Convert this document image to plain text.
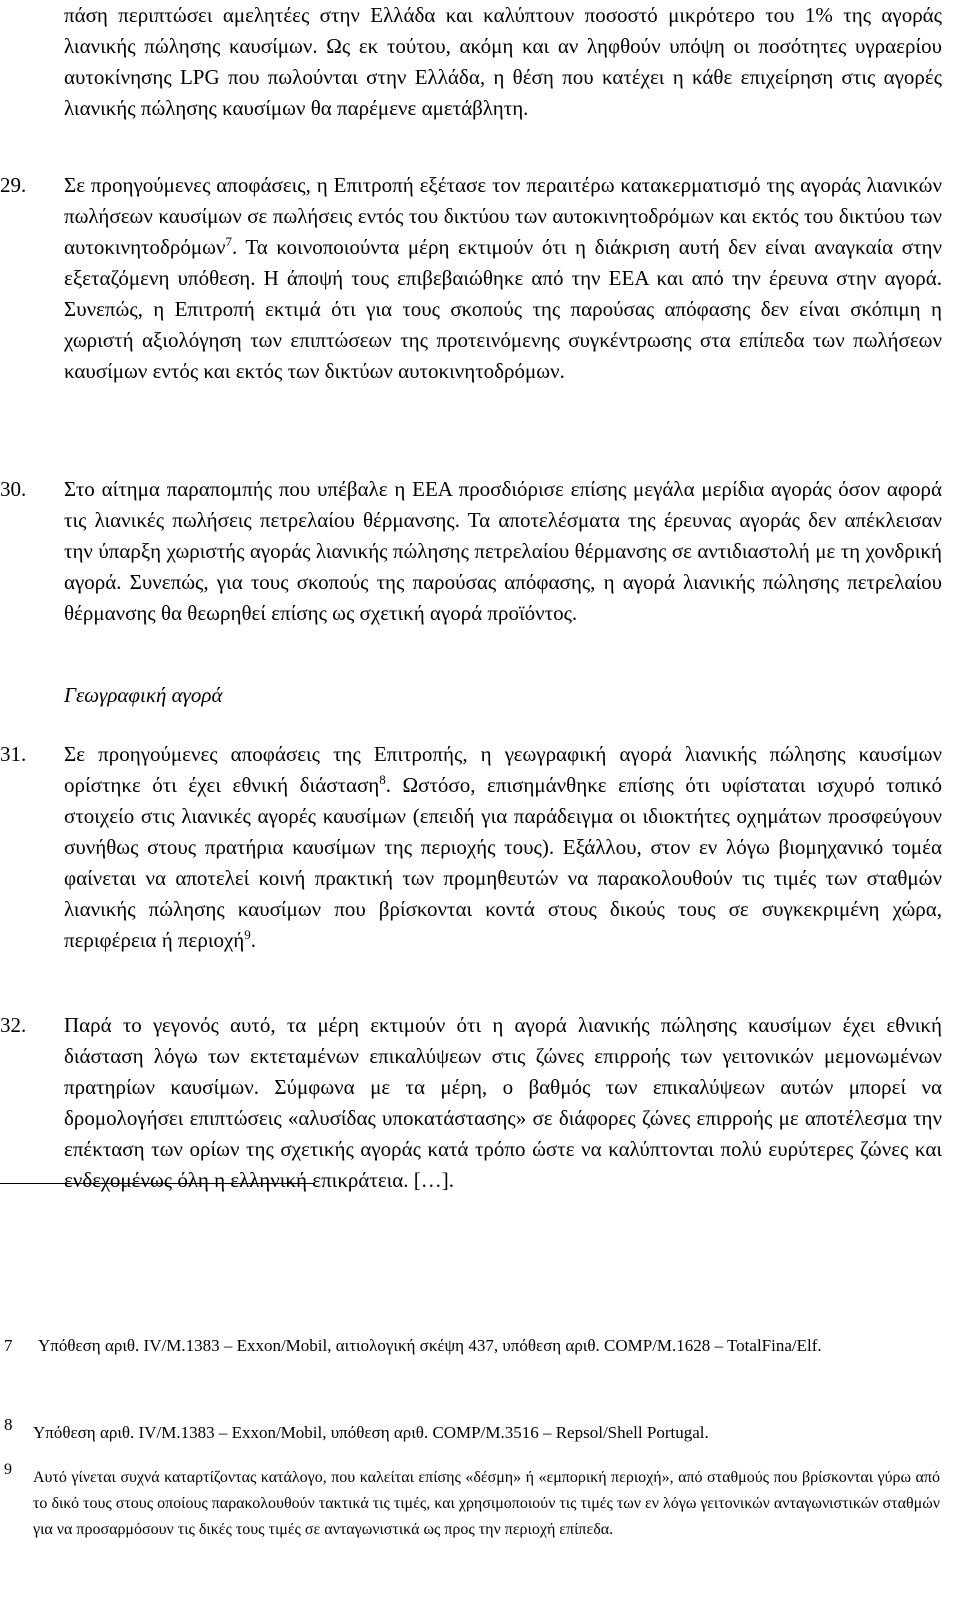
πάση περιπτώσει αμελητέες στην Ελλάδα και καλύπτουν ποσοστό μικρότερο του 1% της αγοράς λιανικής πώλησης καυσίμων. Ως εκ τούτου, ακόμη και αν ληφθούν υπόψη οι ποσότητες υγραερίου αυτοκίνησης LPG που πωλούνται στην Ελλάδα, η θέση που κατέχει η κάθε επιχείρηση στις αγορές λιανικής πώλησης καυσίμων θα παρέμενε αμετάβλητη.
29.	Σε προηγούμενες αποφάσεις, η Επιτροπή εξέτασε τον περαιτέρω κατακερματισμό της αγοράς λιανικών πωλήσεων καυσίμων σε πωλήσεις εντός του δικτύου των αυτοκινητοδρόμων και εκτός του δικτύου των αυτοκινητοδρόμων$^7$. Τα κοινοποιούντα μέρη εκτιμούν ότι η διάκριση αυτή δεν είναι αναγκαία στην εξεταζόμενη υπόθεση. Η άποψή τους επιβεβαιώθηκε από την ΕΕΑ και από την έρευνα στην αγορά. Συνεπώς, η Επιτροπή εκτιμά ότι για τους σκοπούς της παρούσας απόφασης δεν είναι σκόπιμη η χωριστή αξιολόγηση των επιπτώσεων της προτεινόμενης συγκέντρωσης στα επίπεδα των πωλήσεων καυσίμων εντός και εκτός των δικτύων αυτοκινητοδρόμων.
30.	Στο αίτημα παραπομπής που υπέβαλε η ΕΕΑ προσδιόρισε επίσης μεγάλα μερίδια αγοράς όσον αφορά τις λιανικές πωλήσεις πετρελαίου θέρμανσης. Τα αποτελέσματα της έρευνας αγοράς δεν απέκλεισαν την ύπαρξη χωριστής αγοράς λιανικής πώλησης πετρελαίου θέρμανσης σε αντιδιαστολή με τη χονδρική αγορά. Συνεπώς, για τους σκοπούς της παρούσας απόφασης, η αγορά λιανικής πώλησης πετρελαίου θέρμανσης θα θεωρηθεί επίσης ως σχετική αγορά προϊόντος.
Γεωγραφική αγορά
31.	Σε προηγούμενες αποφάσεις της Επιτροπής, η γεωγραφική αγορά λιανικής πώλησης καυσίμων ορίστηκε ότι έχει εθνική διάσταση$^8$. Ωστόσο, επισημάνθηκε επίσης ότι υφίσταται ισχυρό τοπικό στοιχείο στις λιανικές αγορές καυσίμων (επειδή για παράδειγμα οι ιδιοκτήτες οχημάτων προσφεύγουν συνήθως στους πρατήρια καυσίμων της περιοχής τους). Εξάλλου, στον εν λόγω βιομηχανικό τομέα φαίνεται να αποτελεί κοινή πρακτική των προμηθευτών να παρακολουθούν τις τιμές των σταθμών λιανικής πώλησης καυσίμων που βρίσκονται κοντά στους δικούς τους σε συγκεκριμένη χώρα, περιφέρεια ή περιοχή$^9$.
32.	Παρά το γεγονός αυτό, τα μέρη εκτιμούν ότι η αγορά λιανικής πώλησης καυσίμων έχει εθνική διάσταση λόγω των εκτεταμένων επικαλύψεων στις ζώνες επιρροής των γειτονικών μεμονωμένων πρατηρίων καυσίμων. Σύμφωνα με τα μέρη, ο βαθμός των επικαλύψεων αυτών μπορεί να δρομολογήσει επιπτώσεις «αλυσίδας υποκατάστασης» σε διάφορες ζώνες επιρροής με αποτέλεσμα την επέκταση των ορίων της σχετικής αγοράς κατά τρόπο ώστε να καλύπτονται πολύ ευρύτερες ζώνες και ενδεχομένως όλη η ελληνική επικράτεια. […].
7	Υπόθεση αριθ. IV/M.1383 – Exxon/Mobil, αιτιολογική σκέψη 437, υπόθεση αριθ. COMP/M.1628 – TotalFina/Elf.
8	Υπόθεση αριθ. IV/M.1383 – Exxon/Mobil, υπόθεση αριθ. COMP/M.3516 – Repsol/Shell Portugal.
9	Αυτό γίνεται συχνά καταρτίζοντας κατάλογο, που καλείται επίσης «δέσμη» ή «εμπορική περιοχή», από σταθμούς που βρίσκονται γύρω από το δικό τους στους οποίους παρακολουθούν τακτικά τις τιμές, και χρησιμοποιούν τις τιμές των εν λόγω γειτονικών ανταγωνιστικών σταθμών για να προσαρμόσουν τις δικές τους τιμές σε ανταγωνιστικά ως προς την περιοχή επίπεδα.
